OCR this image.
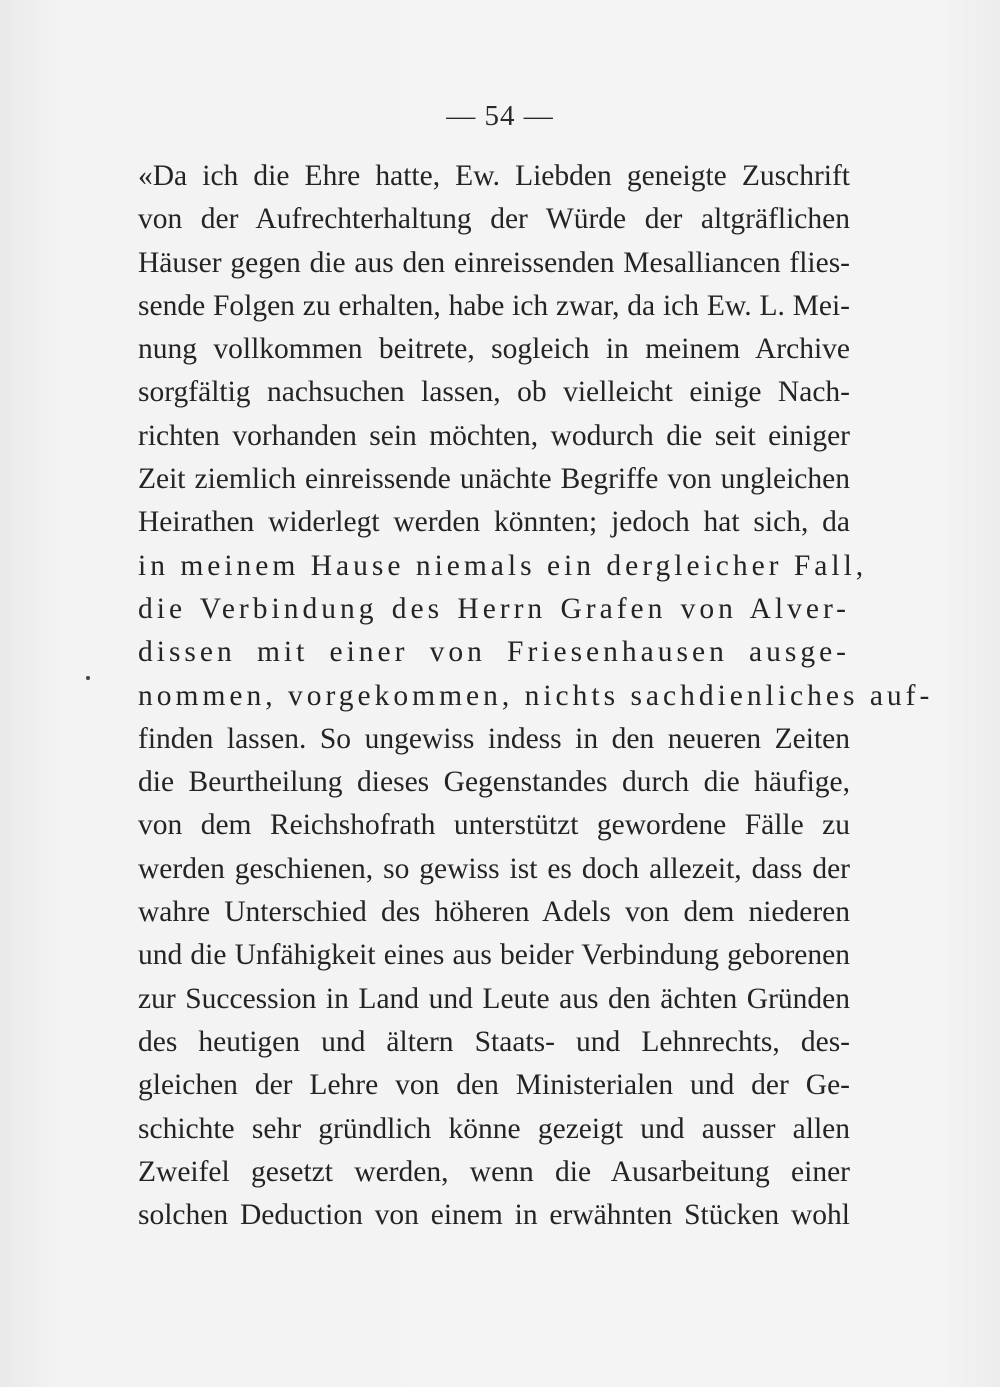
— 54 —
«Da ich die Ehre hatte, Ew. Liebden geneigte Zuschrift
von der Aufrechterhaltung der Würde der altgräflichen
Häuser gegen die aus den einreissenden Mesalliancen flies-
sende Folgen zu erhalten, habe ich zwar, da ich Ew. L. Mei-
nung vollkommen beitrete, sogleich in meinem Archive
sorgfältig nachsuchen lassen, ob vielleicht einige Nach-
richten vorhanden sein möchten, wodurch die seit einiger
Zeit ziemlich einreissende unächte Begriffe von ungleichen
Heirathen widerlegt werden könnten; jedoch hat sich, da
in meinem Hause niemals ein dergleicher Fall,
die Verbindung des Herrn Grafen von Alver-
dissen mit einer von Friesenhausen ausge-
nommen, vorgekommen, nichts sachdienliches auf-
finden lassen. So ungewiss indess in den neueren Zeiten
die Beurtheilung dieses Gegenstandes durch die häufige,
von dem Reichshofrath unterstützt gewordene Fälle zu
werden geschienen, so gewiss ist es doch allezeit, dass der
wahre Unterschied des höheren Adels von dem niederen
und die Unfähigkeit eines aus beider Verbindung geborenen
zur Succession in Land und Leute aus den ächten Gründen
des heutigen und ältern Staats- und Lehnrechts, des-
gleichen der Lehre von den Ministerialen und der Ge-
schichte sehr gründlich könne gezeigt und ausser allen
Zweifel gesetzt werden, wenn die Ausarbeitung einer
solchen Deduction von einem in erwähnten Stücken wohl
